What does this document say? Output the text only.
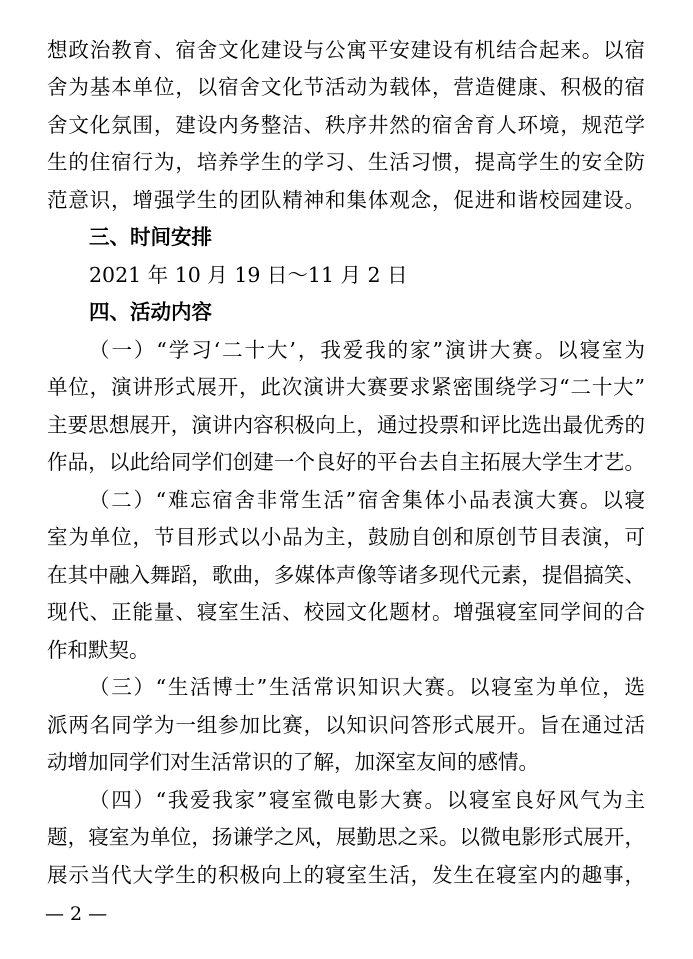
想政治教育、宿舍文化建设与公寓平安建设有机结合起来。以宿
舍为基本单位，以宿舍文化节活动为载体，营造健康、积极的宿
舍文化氛围，建设内务整洁、秩序井然的宿舍育人环境，规范学
生的住宿行为，培养学生的学习、生活习惯，提高学生的安全防
范意识，增强学生的团队精神和集体观念，促进和谐校园建设。
三、时间安排
2021 年 10 月 19 日～11 月 2 日
四、活动内容
（一）“学习‘二十大’，我爱我的家”演讲大赛。以寝室为
单位，演讲形式展开，此次演讲大赛要求紧密围绕学习“二十大”
主要思想展开，演讲内容积极向上，通过投票和评比选出最优秀的
作品，以此给同学们创建一个良好的平台去自主拓展大学生才艺。
（二）“难忘宿舍非常生活”宿舍集体小品表演大赛。以寝
室为单位，节目形式以小品为主，鼓励自创和原创节目表演，可
在其中融入舞蹈，歌曲，多媒体声像等诸多现代元素，提倡搞笑、
现代、正能量、寝室生活、校园文化题材。增强寝室同学间的合
作和默契。
（三）“生活博士”生活常识知识大赛。以寝室为单位，选
派两名同学为一组参加比赛，以知识问答形式展开。旨在通过活
动增加同学们对生活常识的了解，加深室友间的感情。
（四）“我爱我家”寝室微电影大赛。以寝室良好风气为主
题，寝室为单位，扬谦学之风，展勤思之采。以微电影形式展开，
展示当代大学生的积极向上的寝室生活，发生在寝室内的趣事，
— 2 —
